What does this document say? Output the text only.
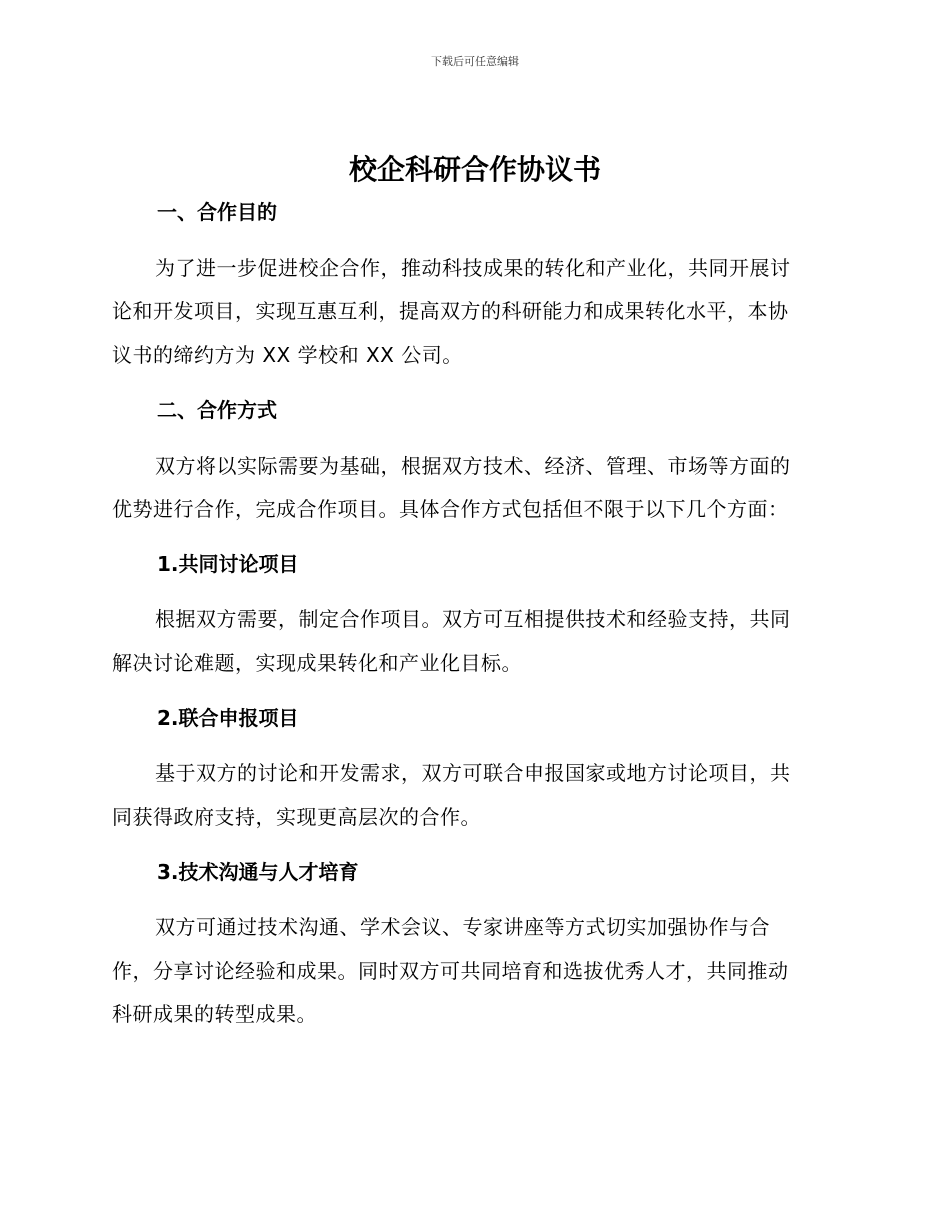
下载后可任意编辑
校企科研合作协议书
一、合作目的

为了进一步促进校企合作，推动科技成果的转化和产业化，共同开展讨

论和开发项目，实现互惠互利，提高双方的科研能力和成果转化水平，本协

议书的缔约方为 XX 学校和 XX 公司。

二、合作方式

双方将以实际需要为基础，根据双方技术、经济、管理、市场等方面的

优势进行合作，完成合作项目。具体合作方式包括但不限于以下几个方面：

1.共同讨论项目

根据双方需要，制定合作项目。双方可互相提供技术和经验支持，共同

解决讨论难题，实现成果转化和产业化目标。

2.联合申报项目

基于双方的讨论和开发需求，双方可联合申报国家或地方讨论项目，共

同获得政府支持，实现更高层次的合作。

3.技术沟通与人才培育

双方可通过技术沟通、学术会议、专家讲座等方式切实加强协作与合

作，分享讨论经验和成果。同时双方可共同培育和选拔优秀人才，共同推动

科研成果的转型成果。
